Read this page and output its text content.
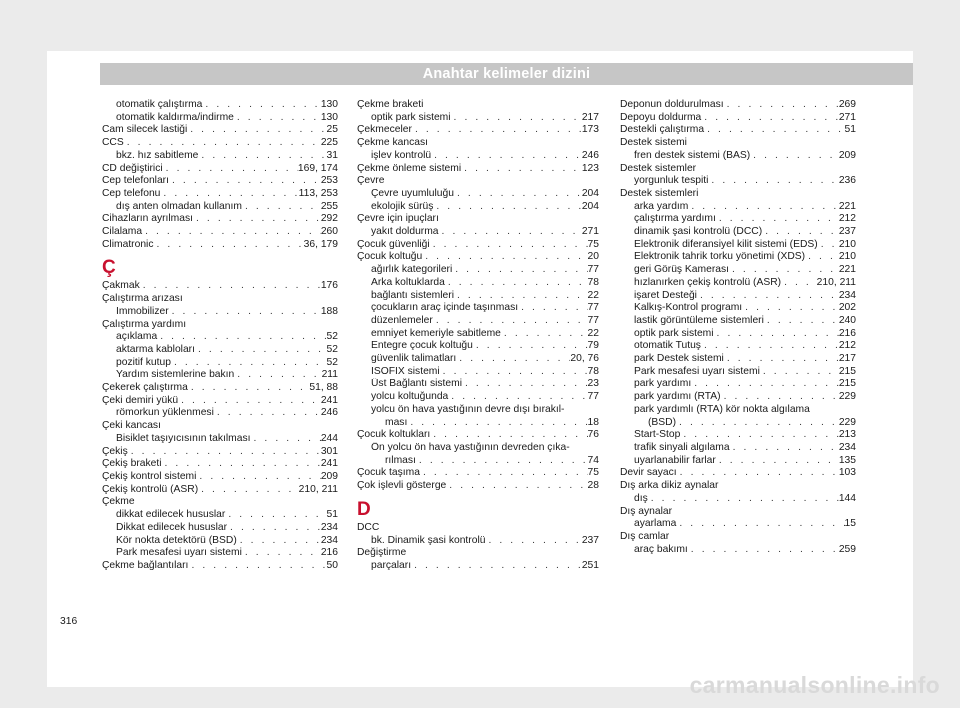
Anahtar kelimeler dizini
otomatik çalıştırma . . .	130
otomatik kaldırma/indirme . . .	130
Cam silecek lastiği . . .	25
CCS . . .	225
bkz. hız sabitleme . . .	31
CD değiştirici . . .	169, 174
Cep telefonları . . .	253
Cep telefonu . . .	113, 253
dış anten olmadan kullanım . . .	255
Cihazların ayrılması . . .	292
Cilalama . . .	260
Climatronic . . .	36, 179
Ç
Çakmak . . .	176
Çalıştırma arızası
İmmobilizer . . .	188
Çalıştırma yardımı
açıklama . . .	52
aktarma kabloları . . .	52
pozitif kutup . . .	52
Yardım sistemlerine bakın . . .	211
Çekerek çalıştırma . . .	51, 88
Çeki demiri yükü . . .	241
römorkun yüklenmesi . . .	246
Çeki kancası
Bisiklet taşıyıcısının takılması . . .	244
Çekiş . . .	301
Çekiş braketi . . .	241
Çekiş kontrol sistemi . . .	209
Çekiş kontrolü (ASR) . . .	210, 211
Çekme
dikkat edilecek hususlar . . .	51
Dikkat edilecek hususlar . . .	234
Kör nokta detektörü (BSD) . . .	234
Park mesafesi uyarı sistemi . . .	216
Çekme bağlantıları . . .	50
Çekme braketi
optik park sistemi . . .	217
Çekmeceler . . .	173
Çekme kancası
işlev kontrolü . . .	246
Çekme önleme sistemi . . .	123
Çevre
Çevre uyumluluğu . . .	204
ekolojik sürüş . . .	204
Çevre için ipuçları
yakıt doldurma . . .	271
Çocuk güvenliği . . .	75
Çocuk koltuğu . . .	20
ağırlık kategorileri . . .	77
Arka koltuklarda . . .	78
bağlantı sistemleri . . .	22
çocukların araç içinde taşınması . . .	77
düzenlemeler . . .	77
emniyet kemeriyle sabitleme . . .	22
Entegre çocuk koltuğu . . .	79
güvenlik talimatları . . .	20, 76
ISOFIX sistemi . . .	78
Üst Bağlantı sistemi . . .	23
yolcu koltuğunda . . .	77
yolcu ön hava yastığının devre dışı bırakıl-
ması . . .	18
Çocuk koltukları . . .	76
Ön yolcu ön hava yastığının devreden çıka-
rılması . . .	74
Çocuk taşıma . . .	75
Çok işlevli gösterge . . .	28
D
DCC
bk. Dinamik şasi kontrolü . . .	237
Değiştirme
parçaları . . .	251
Deponun doldurulması . . .	269
Depoyu doldurma . . .	271
Destekli çalıştırma . . .	51
Destek sistemi
fren destek sistemi (BAS) . . .	209
Destek sistemler
yorgunluk tespiti . . .	236
Destek sistemleri
arka yardım . . .	221
çalıştırma yardımı . . .	212
dinamik şasi kontrolü (DCC) . . .	237
Elektronik diferansiyel kilit sistemi (EDS) . . . 210
Elektronik tahrik torku yönetimi (XDS) . . .	210
geri Görüş Kamerası . . .	221
hızlanırken çekiş kontrolü (ASR) . . .	210, 211
işaret Desteği . . .	234
Kalkış-Kontrol programı . . .	202
lastik görüntüleme sistemleri . . .	240
optik park sistemi . . .	216
otomatik Tutuş . . .	212
park Destek sistemi . . .	217
Park mesafesi uyarı sistemi . . .	215
park yardımı . . .	215
park yardımı (RTA) . . .	229
park yardımlı (RTA) kör nokta algılama
(BSD) . . .	229
Start-Stop . . .	213
trafik sinyali algılama . . .	234
uyarlanabilir farlar . . .	135
Devir sayacı . . .	103
Dış arka dikiz aynalar
dış . . .	144
Dış aynalar
ayarlama . . .	15
Dış camlar
araç bakımı . . .	259
316
carmanualsonline.info
